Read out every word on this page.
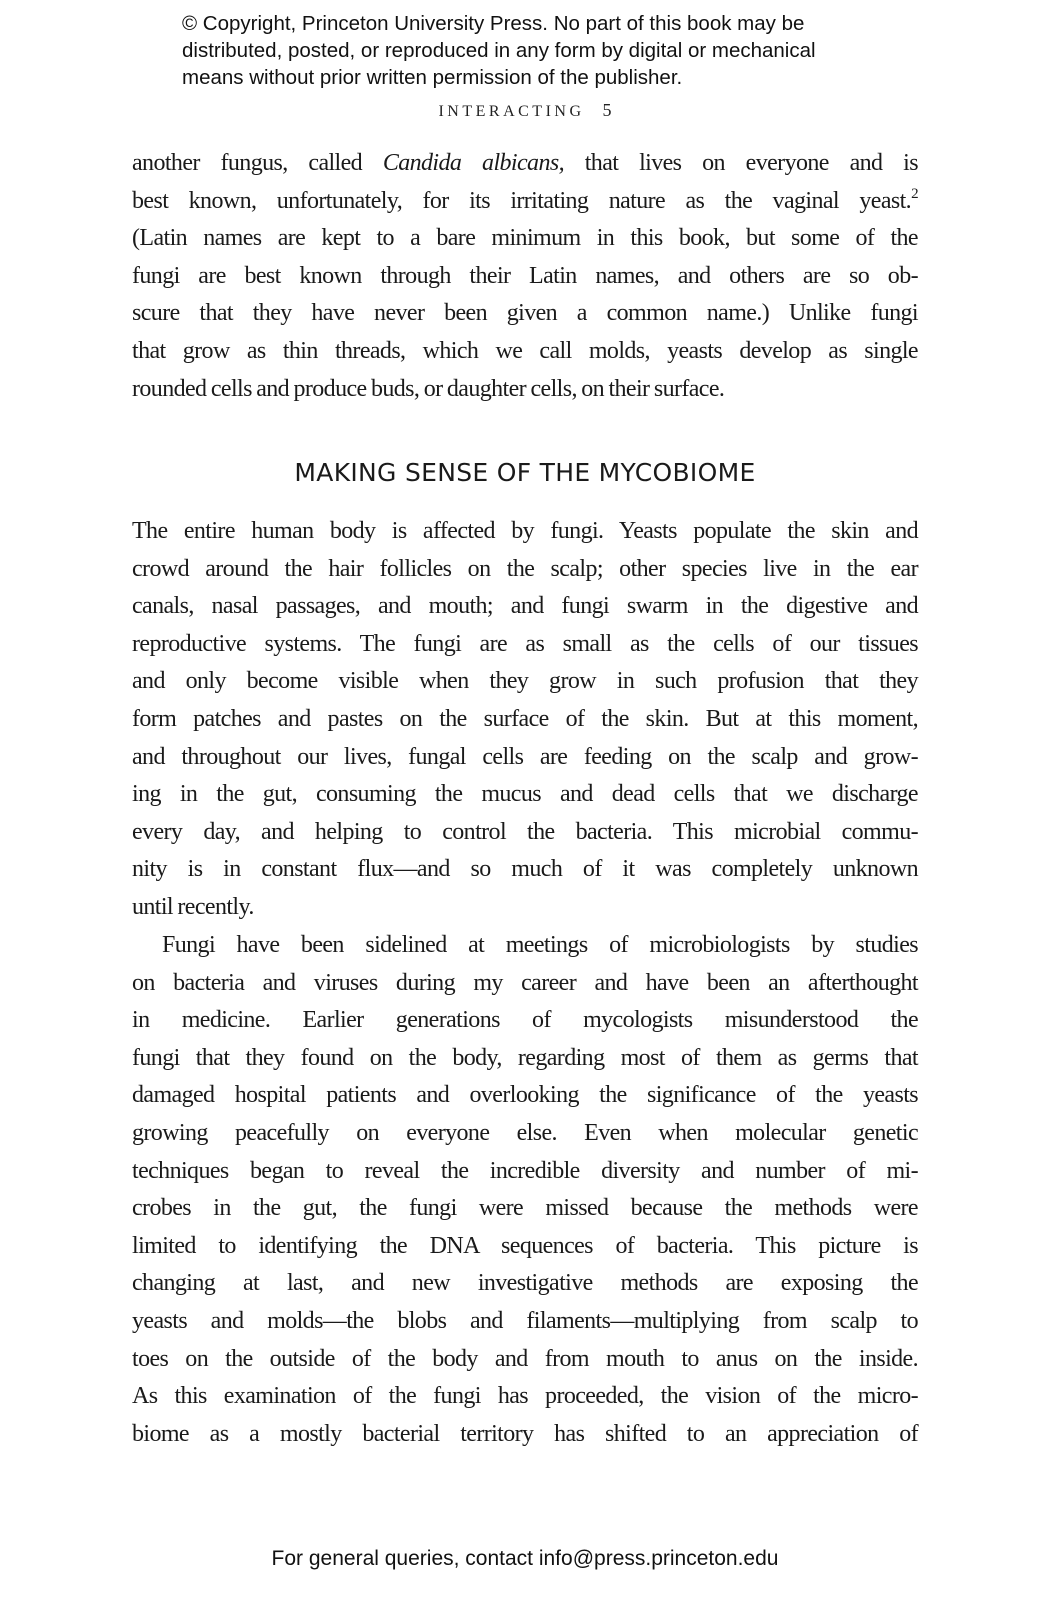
© Copyright, Princeton University Press. No part of this book may be
distributed, posted, or reproduced in any form by digital or mechanical
means without prior written permission of the publisher.
INTERACTING 5
another fungus, called Candida albicans, that lives on everyone and is
best known, unfortunately, for its irritating nature as the vaginal yeast.$^2$
(Latin names are kept to a bare minimum in this book, but some of the
fungi are best known through their Latin names, and others are so ob-
scure that they have never been given a common name.) Unlike fungi
that grow as thin threads, which we call molds, yeasts develop as single
rounded cells and produce buds, or daughter cells, on their surface.
MAKING SENSE OF THE MYCOBIOME
The entire human body is affected by fungi. Yeasts populate the skin and
crowd around the hair follicles on the scalp; other species live in the ear
canals, nasal passages, and mouth; and fungi swarm in the digestive and
reproductive systems. The fungi are as small as the cells of our tissues
and only become visible when they grow in such profusion that they
form patches and pastes on the surface of the skin. But at this moment,
and throughout our lives, fungal cells are feeding on the scalp and grow-
ing in the gut, consuming the mucus and dead cells that we discharge
every day, and helping to control the bacteria. This microbial commu-
nity is in constant flux—and so much of it was completely unknown
until recently.
Fungi have been sidelined at meetings of microbiologists by studies
on bacteria and viruses during my career and have been an afterthought
in medicine. Earlier generations of mycologists misunderstood the
fungi that they found on the body, regarding most of them as germs that
damaged hospital patients and overlooking the significance of the yeasts
growing peacefully on everyone else. Even when molecular genetic
techniques began to reveal the incredible diversity and number of mi-
crobes in the gut, the fungi were missed because the methods were
limited to identifying the DNA sequences of bacteria. This picture is
changing at last, and new investigative methods are exposing the
yeasts and molds—the blobs and filaments—multiplying from scalp to
toes on the outside of the body and from mouth to anus on the inside.
As this examination of the fungi has proceeded, the vision of the micro-
biome as a mostly bacterial territory has shifted to an appreciation of
For general queries, contact info@press.princeton.edu
